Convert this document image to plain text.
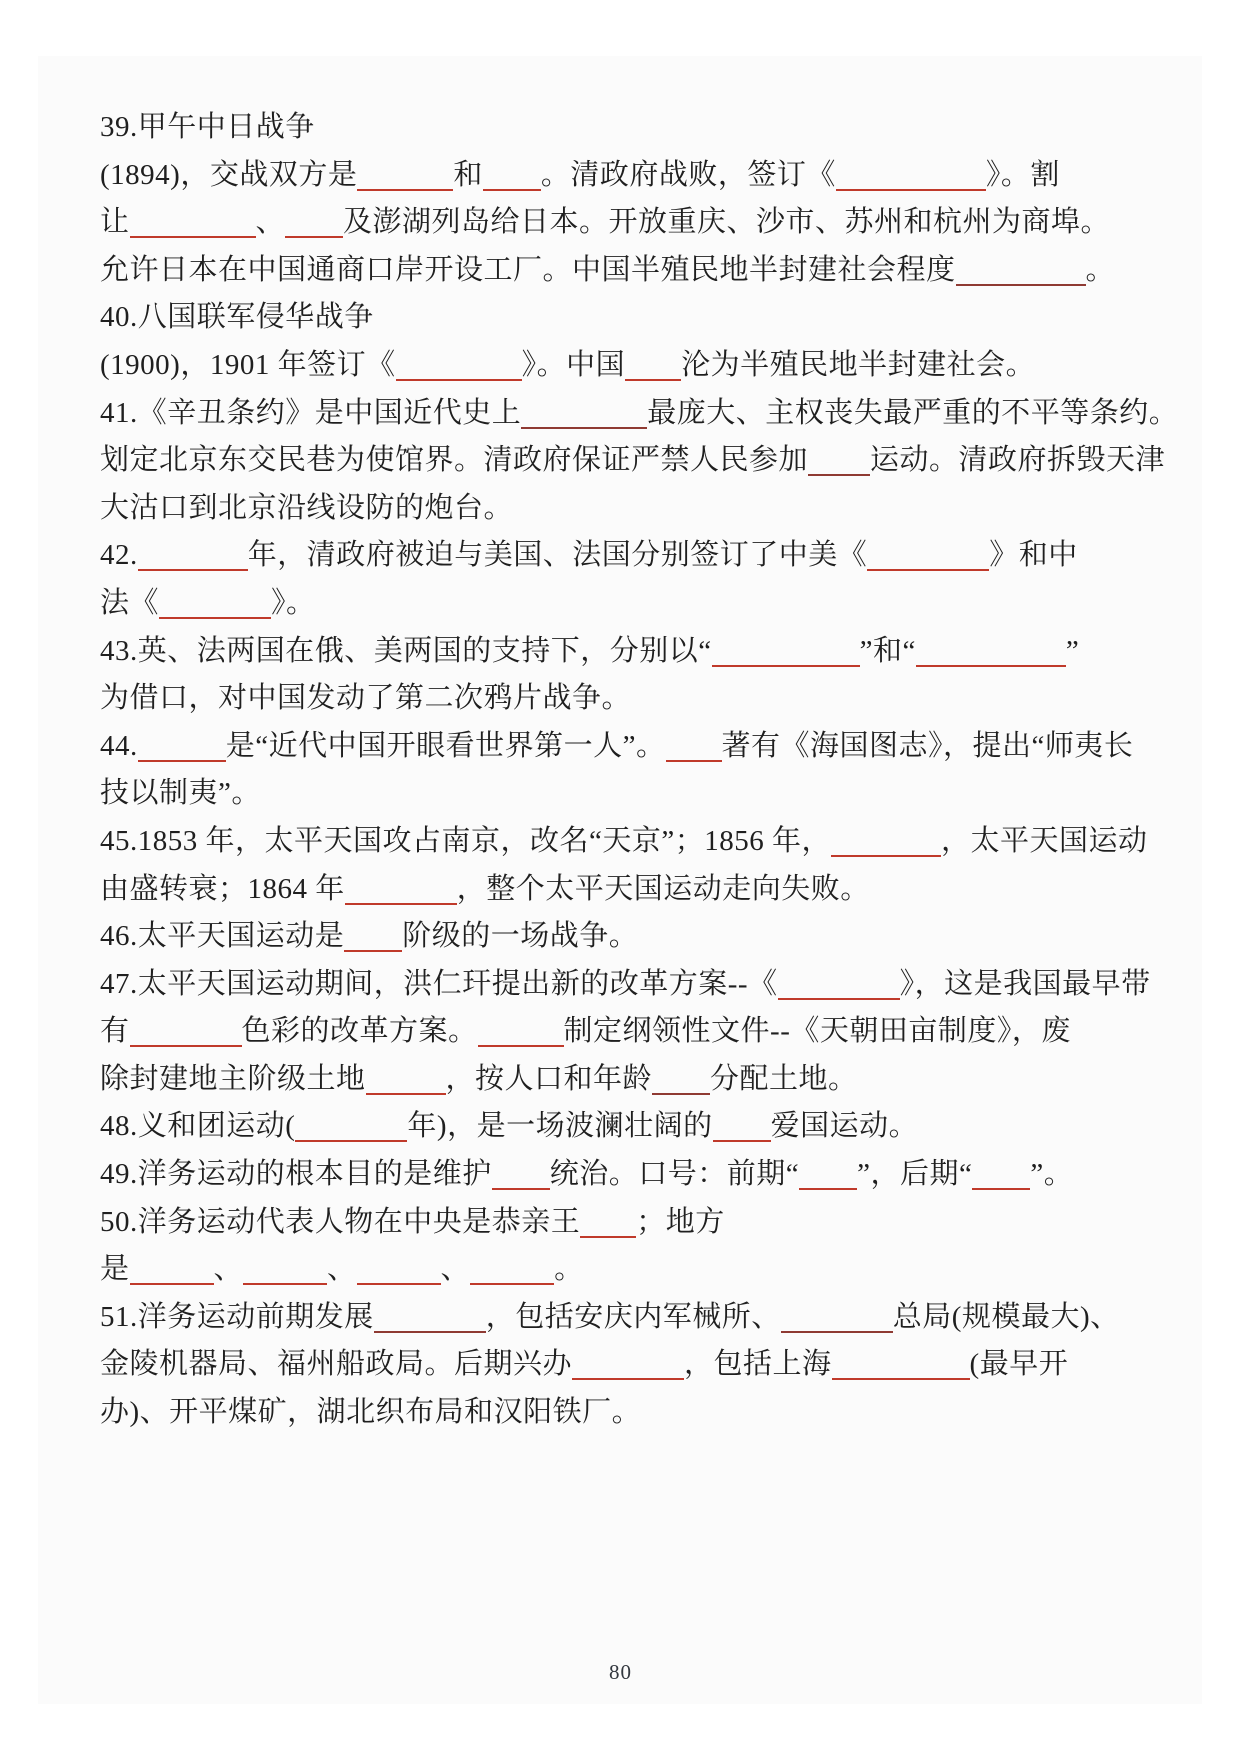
39.甲午中日战争
(1894)，交战双方是	和 。清政府战败，签订《	》。割
让	、 及澎湖列岛给日本。开放重庆、沙市、苏州和杭州为商埠。
允许日本在中国通商口岸开设工厂。中国半殖民地半封建社会程度	。
40.八国联军侵华战争
(1900)，1901 年签订《	》。中国 沦为半殖民地半封建社会。
41.《辛丑条约》是中国近代史上	最庞大、主权丧失最严重的不平等条约。
划定北京东交民巷为使馆界。清政府保证严禁人民参加 运动。清政府拆毁天津
大沽口到北京沿线设防的炮台。
42.	年，清政府被迫与美国、法国分别签订了中美《	》和中
法《	》。
43.英、法两国在俄、美两国的支持下，分别以“	”和“	”
为借口，对中国发动了第二次鸦片战争。
44.	是“近代中国开眼看世界第一人”。 著有《海国图志》，提出“师夷长
技以制夷”。
45.1853 年，太平天国攻占南京，改名“天京”；1856 年，	，太平天国运动
由盛转衰；1864 年	，整个太平天国运动走向失败。
46.太平天国运动是 阶级的一场战争。
47.太平天国运动期间，洪仁玕提出新的改革方案--《	》，这是我国最早带
有	色彩的改革方案。	制定纲领性文件--《天朝田亩制度》，废
除封建地主阶级土地	，按人口和年龄 分配土地。
48.义和团运动(	年)，是一场波澜壮阔的 爱国运动。
49.洋务运动的根本目的是维护 统治。口号：前期“ ”，后期“ ”。
50.洋务运动代表人物在中央是恭亲王 ；地方
是	、	、	、	。
51.洋务运动前期发展	，包括安庆内军械所、	总局(规模最大)、
金陵机器局、福州船政局。后期兴办	，包括上海	(最早开
办)、开平煤矿，湖北织布局和汉阳铁厂。
80
